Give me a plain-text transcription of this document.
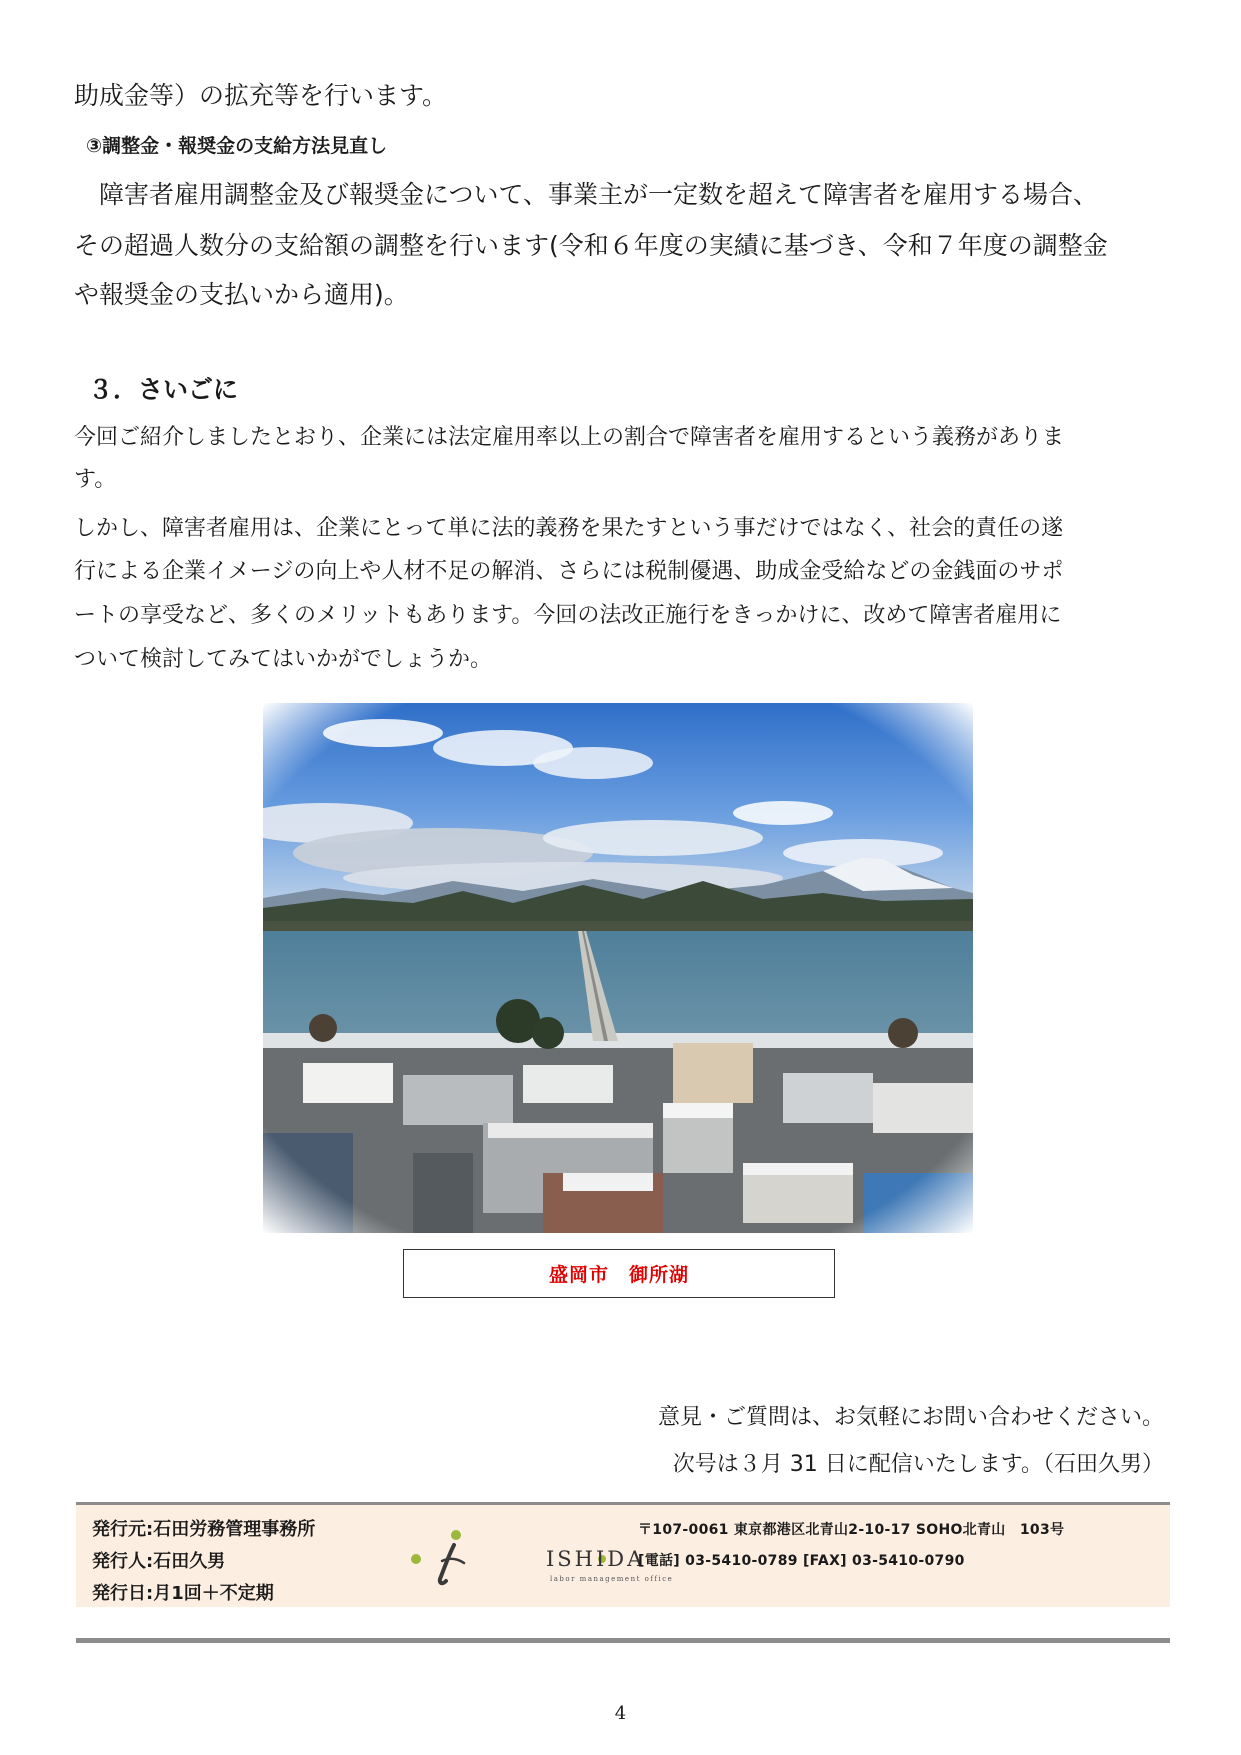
助成金等）の拡充等を行います。
③調整金・報奨金の支給方法見直し
　障害者雇用調整金及び報奨金について、事業主が一定数を超えて障害者を雇用する場合、
その超過人数分の支給額の調整を行います(令和６年度の実績に基づき、令和７年度の調整金
や報奨金の支払いから適用)。
３．さいごに
今回ご紹介しましたとおり、企業には法定雇用率以上の割合で障害者を雇用するという義務がありま
す。
しかし、障害者雇用は、企業にとって単に法的義務を果たすという事だけではなく、社会的責任の遂
行による企業イメージの向上や人材不足の解消、さらには税制優遇、助成金受給などの金銭面のサポ
ートの享受など、多くのメリットもあります。今回の法改正施行をきっかけに、改めて障害者雇用に
ついて検討してみてはいかがでしょうか。
盛岡市　御所湖
意見・ご質問は、お気軽にお問い合わせください。
次号は３月 31 日に配信いたします。（石田久男）
発行元:石田労務管理事務所
発行人:石田久男
発行日:月1回＋不定期
ISHIDA
labor management office
〒107-0061 東京都港区北青山2-10-17 SOHO北青山　103号
[電話] 03-5410-0789 [FAX] 03-5410-0790
4
